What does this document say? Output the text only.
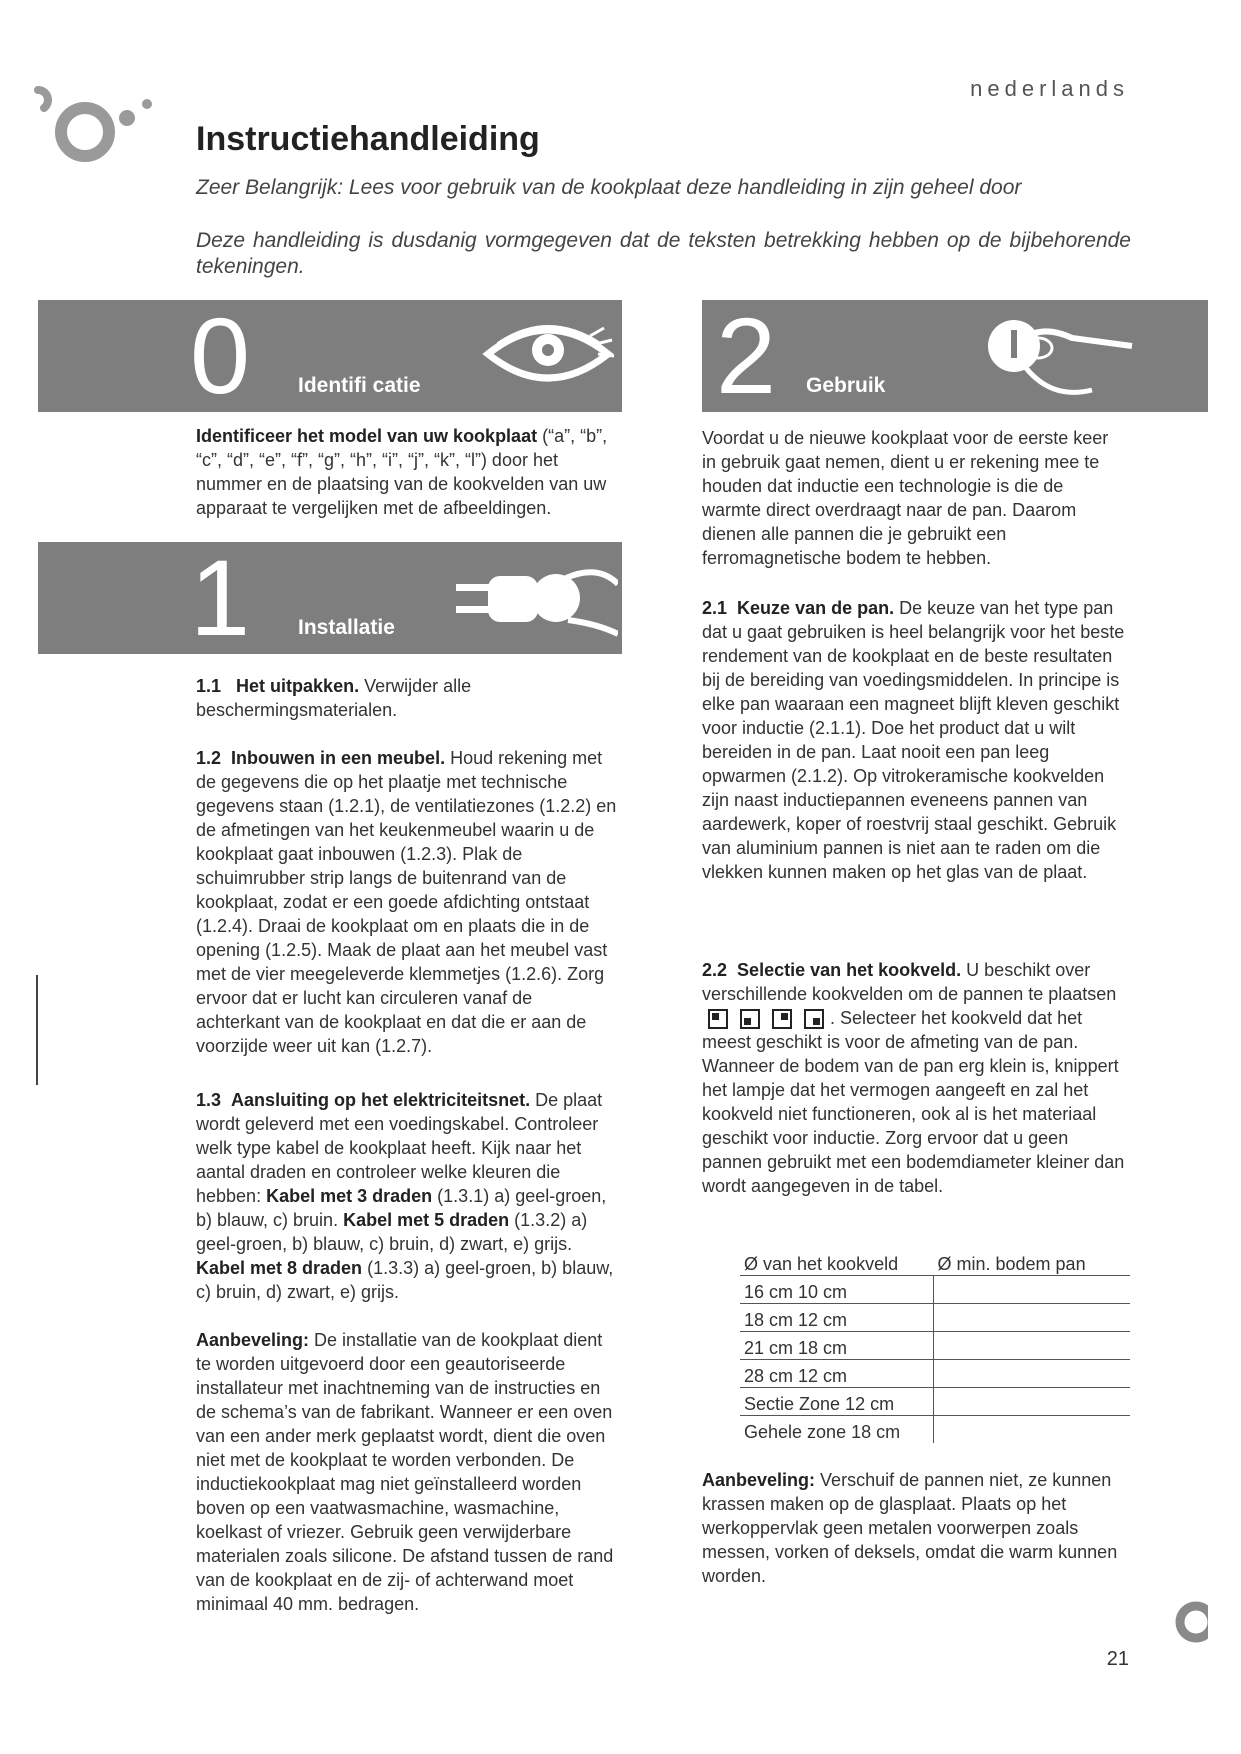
nederlands
Instructiehandleiding

Zeer Belangrijk: Lees voor gebruik van de kookplaat deze handleiding in zijn geheel door

Deze handleiding is dusdanig vormgegeven dat de teksten betrekking hebben op de bijbehorende tekeningen.

0 Identifi catie

Identificeer het model van uw kookplaat (“a”, “b”, “c”, “d”, “e”, “f”, “g”, “h”, “i”, “j”, “k”, “l”) door het nummer en de plaatsing van de kookvelden van uw apparaat te vergelijken met de afbeeldingen.

1 Installatie
1.1 Het uitpakken. Verwijder alle beschermingsmaterialen.
1.2 Inbouwen in een meubel. Houd rekening met de gegevens die op het plaatje met technische gegevens staan (1.2.1), de ventilatiezones (1.2.2) en de afmetingen van het keukenmeubel waarin u de kookplaat gaat inbouwen (1.2.3). Plak de schuimrubber strip langs de buitenrand van de kookplaat, zodat er een goede afdichting ontstaat (1.2.4). Draai de kookplaat om en plaats die in de opening (1.2.5). Maak de plaat aan het meubel vast met de vier meegeleverde klemmetjes (1.2.6). Zorg ervoor dat er lucht kan circuleren vanaf de achterkant van de kookplaat en dat die er aan de voorzijde weer uit kan (1.2.7).
1.3 Aansluiting op het elektriciteitsnet. De plaat wordt geleverd met een voedingskabel. Controleer welk type kabel de kookplaat heeft. Kijk naar het aantal draden en controleer welke kleuren die hebben: Kabel met 3 draden (1.3.1) a) geel-groen, b) blauw, c) bruin. Kabel met 5 draden (1.3.2) a) geel-groen, b) blauw, c) bruin, d) zwart, e) grijs. Kabel met 8 draden (1.3.3) a) geel-groen, b) blauw, c) bruin, d) zwart, e) grijs.
Aanbeveling: De installatie van de kookplaat dient te worden uitgevoerd door een geautoriseerde installateur met inachtneming van de instructies en de schema’s van de fabrikant. Wanneer er een oven van een ander merk geplaatst wordt, dient die oven niet met de kookplaat te worden verbonden. De inductiekookplaat mag niet geïnstalleerd worden boven op een vaatwasmachine, wasmachine, koelkast of vriezer. Gebruik geen verwijderbare materialen zoals silicone. De afstand tussen de rand van de kookplaat en de zij- of achterwand moet minimaal 40 mm. bedragen.
2 Gebruik

Voordat u de nieuwe kookplaat voor de eerste keer in gebruik gaat nemen, dient u er rekening mee te houden dat inductie een technologie is die de warmte direct overdraagt naar de pan. Daarom dienen alle pannen die je gebruikt een ferromagnetische bodem te hebben.

2.1 Keuze van de pan. De keuze van het type pan dat u gaat gebruiken is heel belangrijk voor het beste rendement van de kookplaat en de beste resultaten bij de bereiding van voedingsmiddelen. In principe is elke pan waaraan een magneet blijft kleven geschikt voor inductie (2.1.1). Doe het product dat u wilt bereiden in de pan. Laat nooit een pan leeg opwarmen (2.1.2). Op vitrokeramische kookvelden zijn naast inductiepannen eveneens pannen van aardewerk, koper of roestvrij staal geschikt. Gebruik van aluminium pannen is niet aan te raden om die vlekken kunnen maken op het glas van de plaat.
2.2 Selectie van het kookveld. U beschikt over verschillende kookvelden om de pannen te plaatsen
. Selecteer het kookveld dat het meest geschikt is voor de afmeting van de pan. Wanneer de bodem van de pan erg klein is, knippert het lampje dat het vermogen aangeeft en zal het kookveld niet functioneren, ook al is het materiaal geschikt voor inductie. Zorg ervoor dat u geen pannen gebruikt met een bodemdiameter kleiner dan wordt aangegeven in de tabel.
Ø van het kookveld	Ø min. bodem pan
16 cm 10 cm	
18 cm 12 cm	
21 cm 18 cm	
28 cm 12 cm	
Sectie Zone 12 cm	
Gehele zone 18 cm	
Aanbeveling: Verschuif de pannen niet, ze kunnen krassen maken op de glasplaat. Plaats op het werkoppervlak geen metalen voorwerpen zoals messen, vorken of deksels, omdat die warm kunnen worden.
21
